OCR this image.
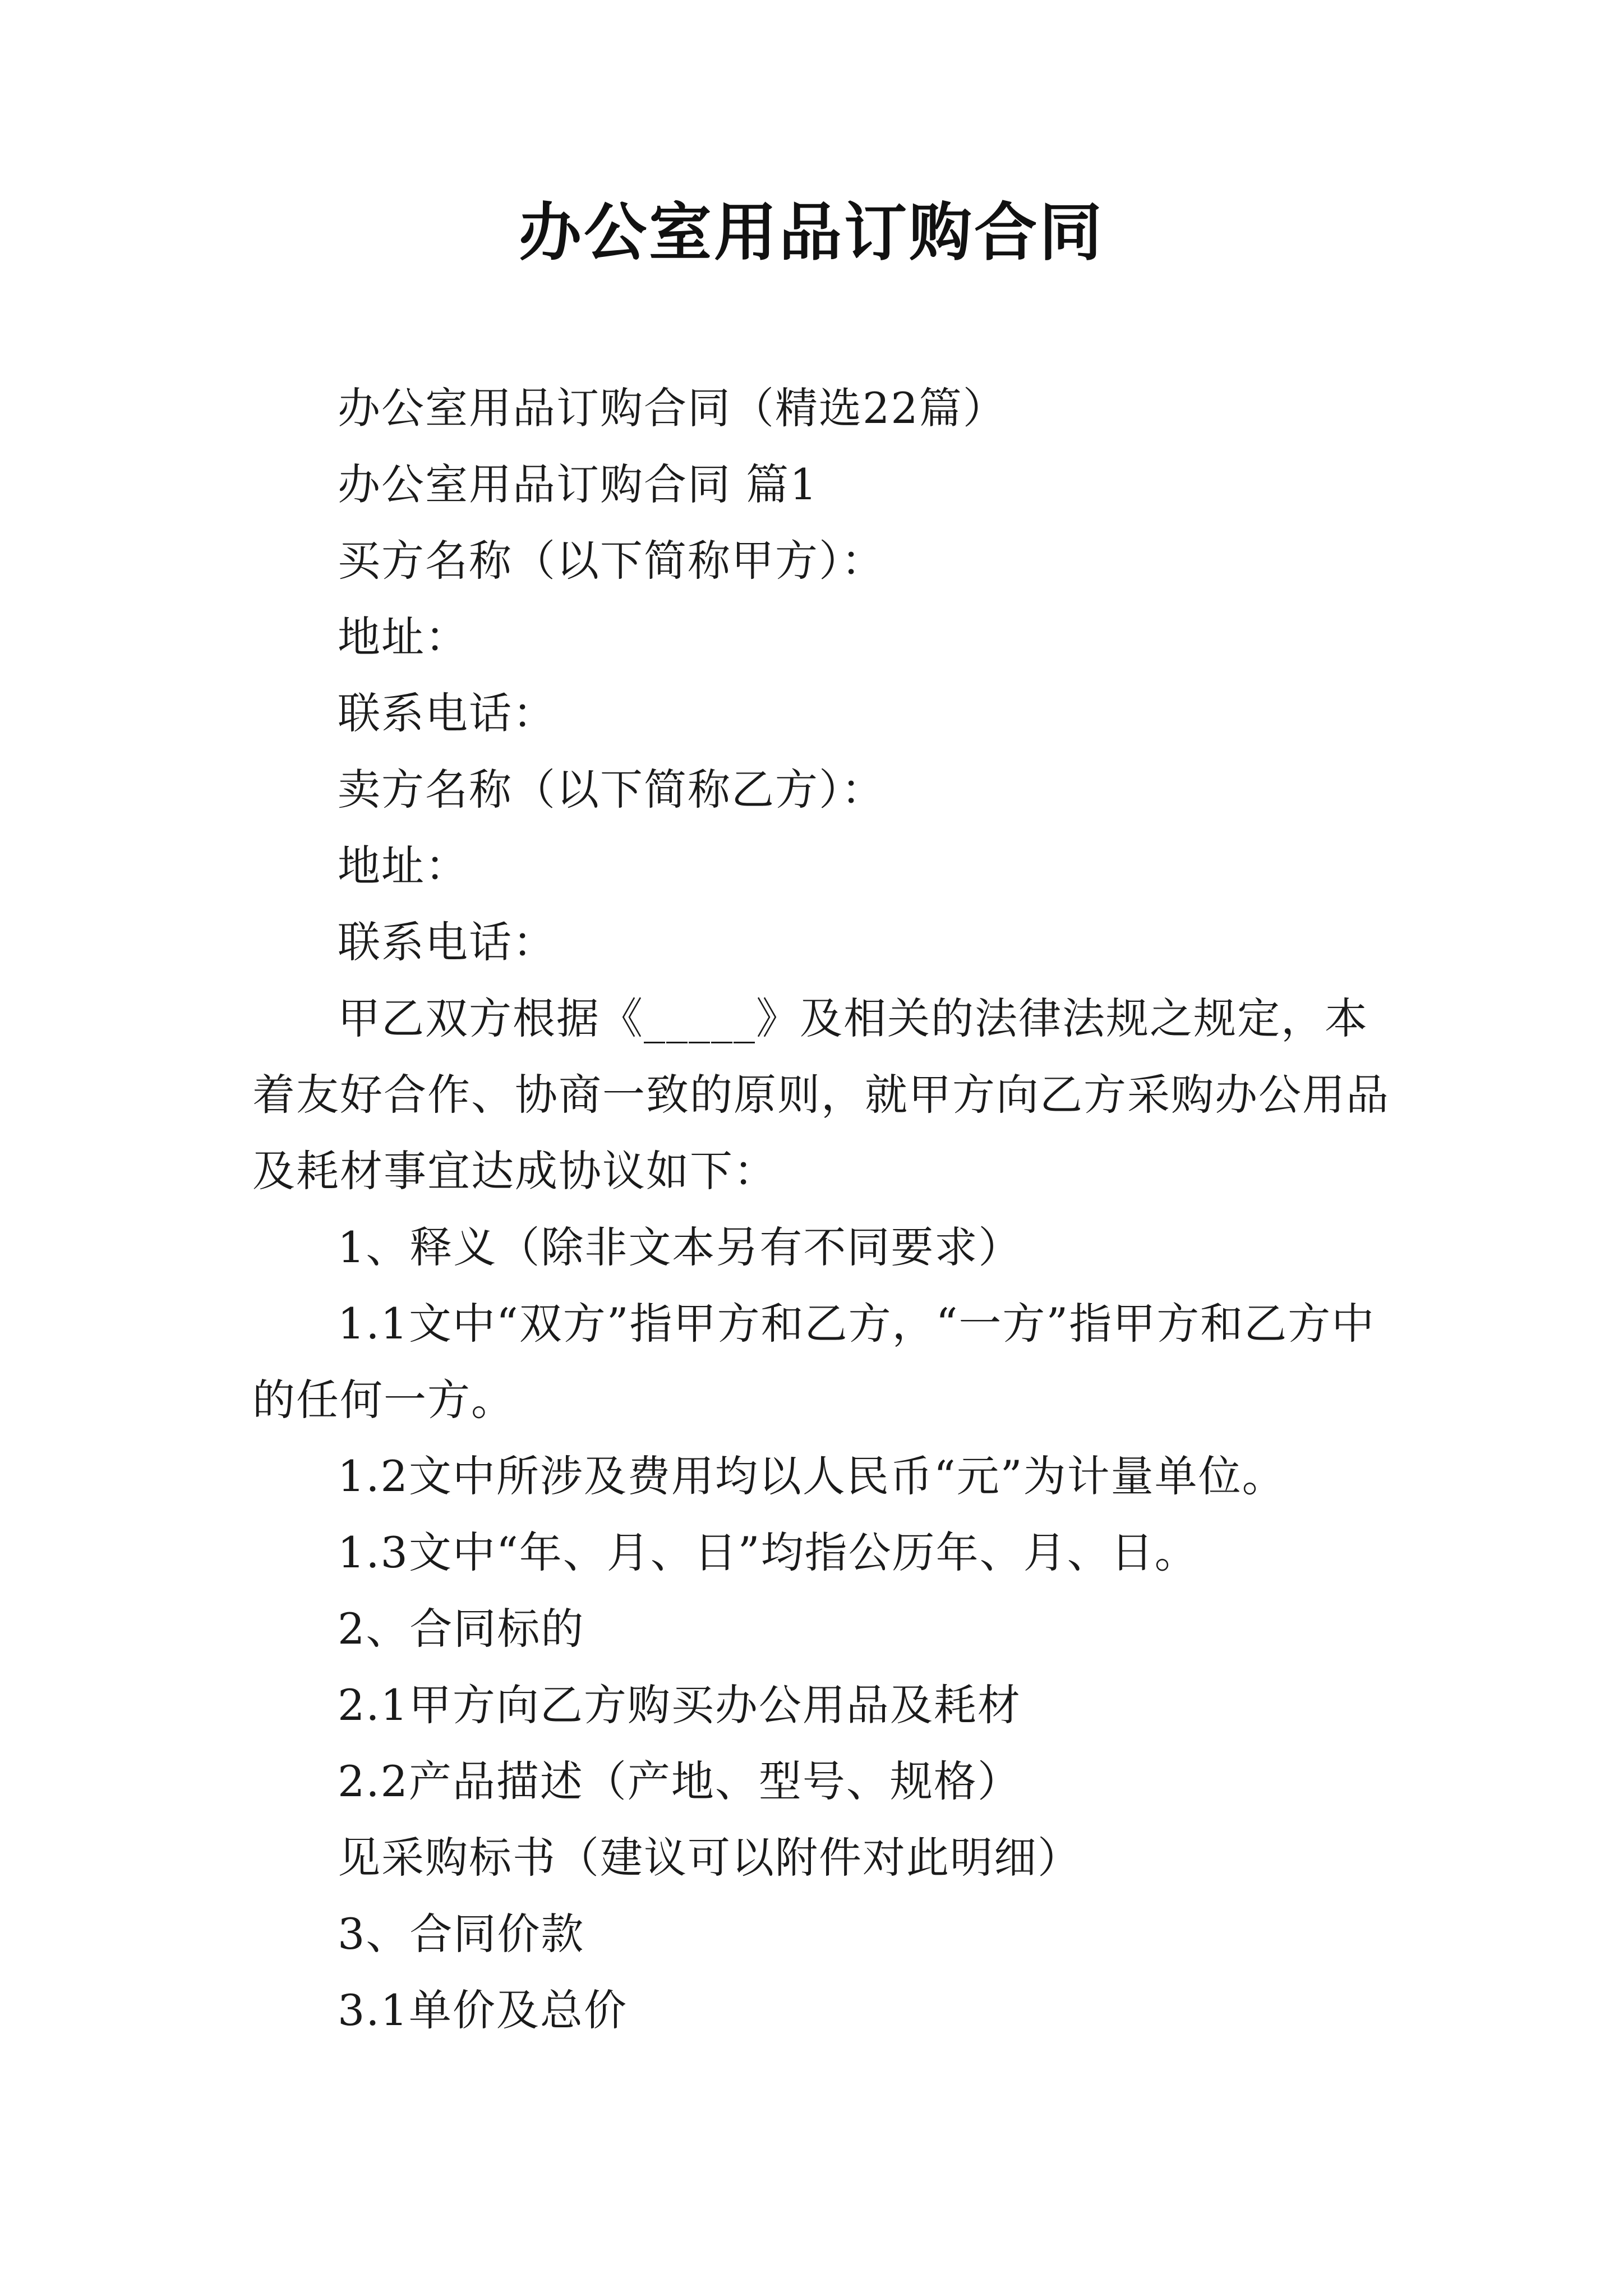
办公室用品订购合同

办公室用品订购合同（精选22篇）

办公室用品订购合同 篇1

买方名称（以下简称甲方）：

地址：

联系电话：

卖方名称（以下简称乙方）：

地址：

联系电话：

甲乙双方根据《_____》及相关的法律法规之规定，本着友好合作、协商一致的原则，就甲方向乙方采购办公用品及耗材事宜达成协议如下：

1、释义（除非文本另有不同要求）

1.1文中“双方”指甲方和乙方，“一方”指甲方和乙方中的任何一方。

1.2文中所涉及费用均以人民币“元”为计量单位。

1.3文中“年、月、日”均指公历年、月、日。

2、合同标的

2.1甲方向乙方购买办公用品及耗材

2.2产品描述（产地、型号、规格）

见采购标书（建议可以附件对此明细）

3、合同价款

3.1单价及总价
